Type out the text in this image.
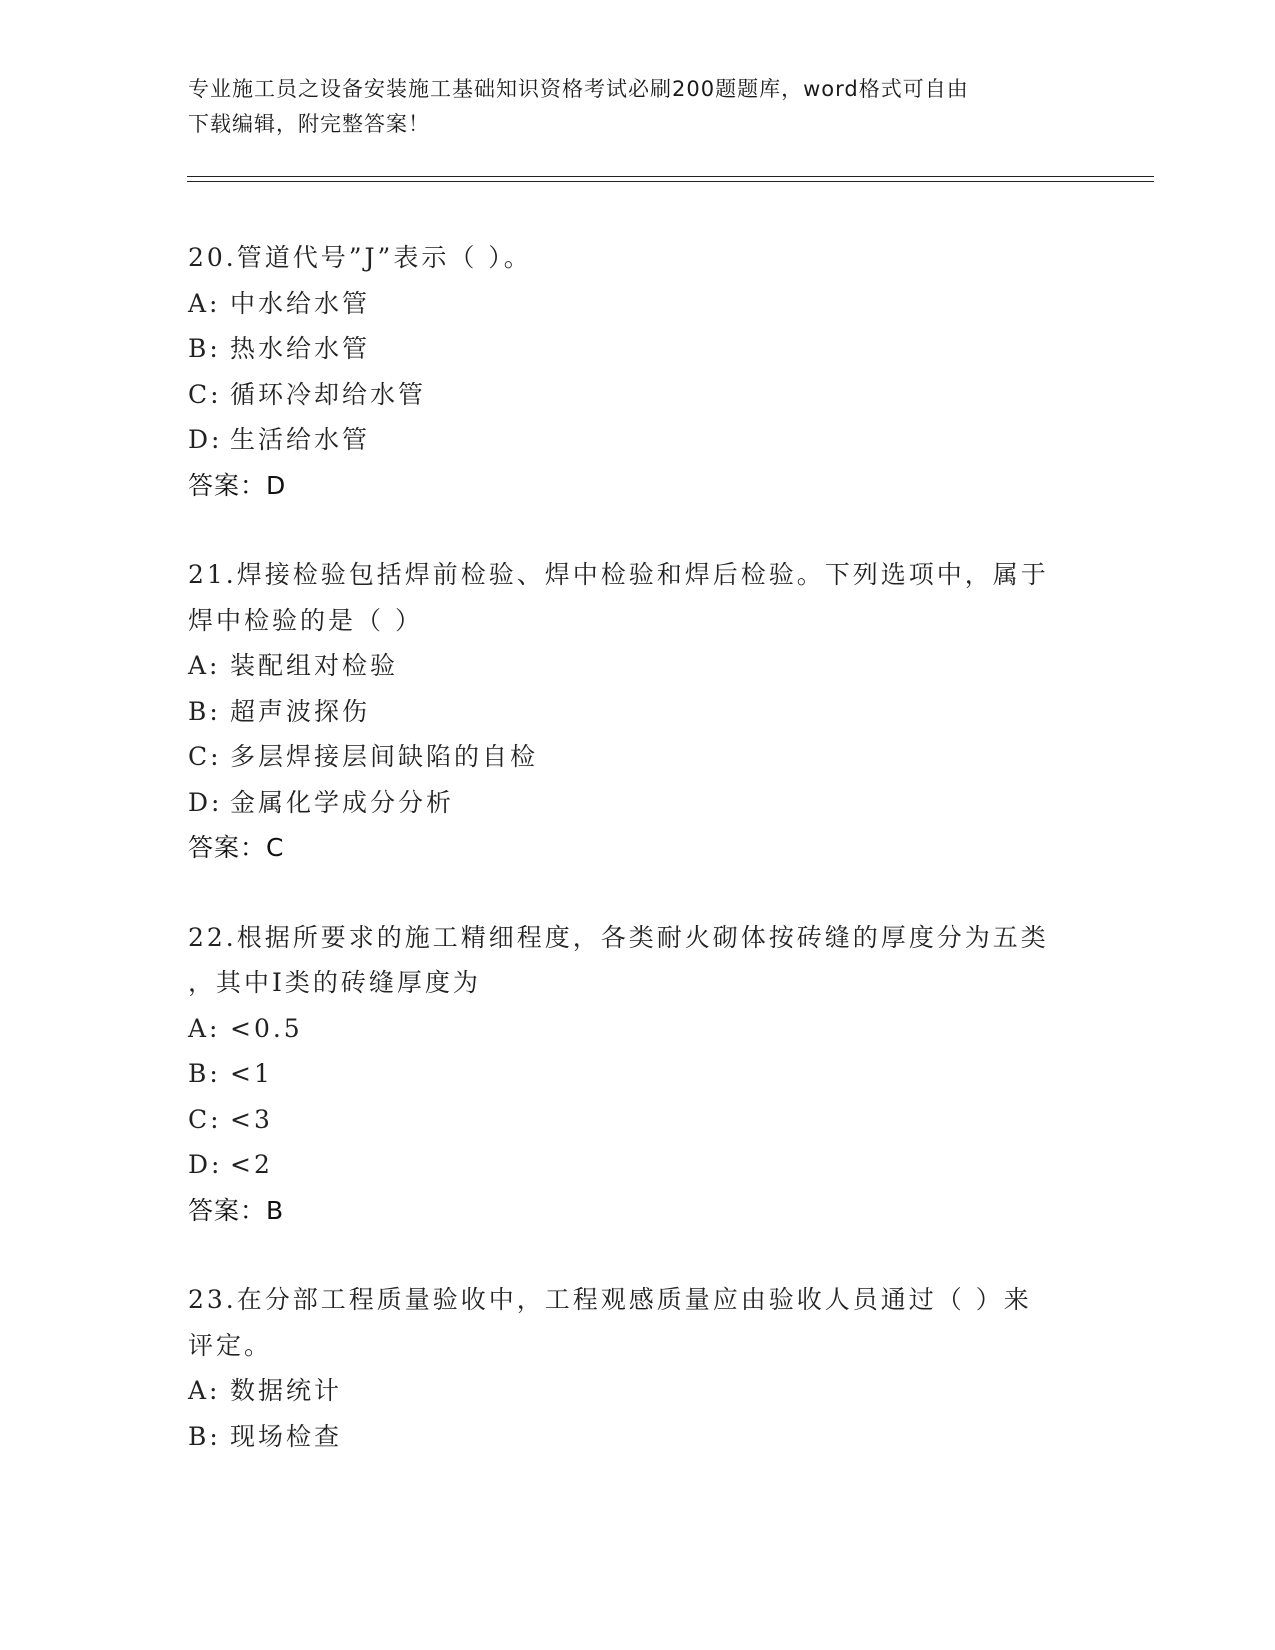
专业施工员之设备安装施工基础知识资格考试必刷200题题库，word格式可自由
下载编辑，附完整答案！
20.管道代号”J”表示（ ）。
A: 中水给水管
B: 热水给水管
C: 循环冷却给水管
D: 生活给水管
答案：D
21.焊接检验包括焊前检验、焊中检验和焊后检验。下列选项中，属于
焊中检验的是（ ）
A: 装配组对检验
B: 超声波探伤
C: 多层焊接层间缺陷的自检
D: 金属化学成分分析
答案：C
22.根据所要求的施工精细程度，各类耐火砌体按砖缝的厚度分为五类
，其中Ⅰ类的砖缝厚度为
A: <0.5
B: <1
C: <3
D: <2
答案：B
23.在分部工程质量验收中，工程观感质量应由验收人员通过（ ）来
评定。
A: 数据统计
B: 现场检查
